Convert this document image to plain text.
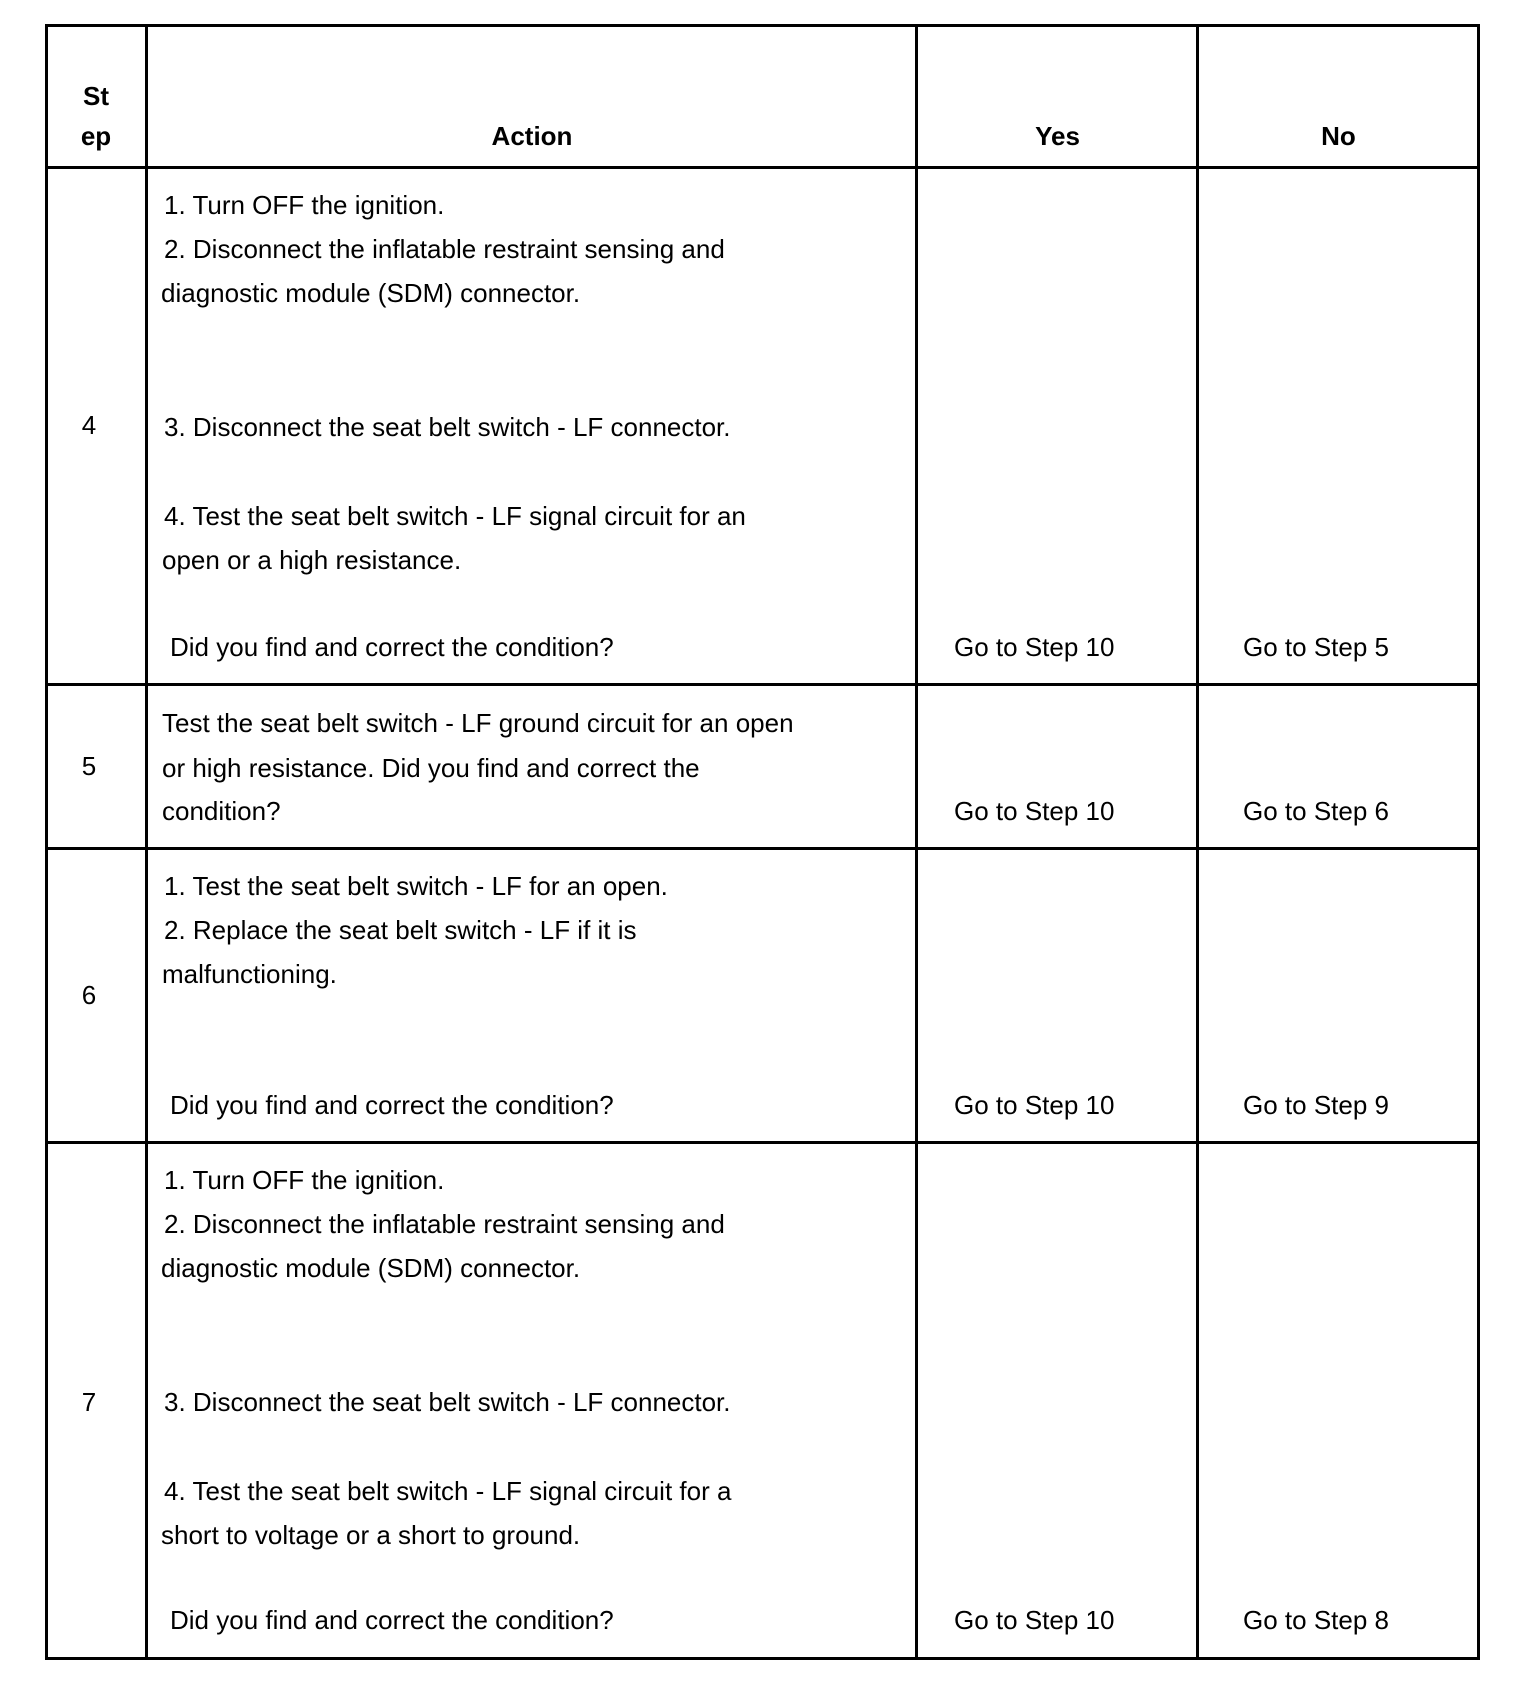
St
ep	Action	Yes	No
4
1. Turn OFF the ignition.
2. Disconnect the inflatable restraint sensing and
diagnostic module (SDM) connector.
3. Disconnect the seat belt switch - LF connector.
4. Test the seat belt switch - LF signal circuit for an
open or a high resistance.
Did you find and correct the condition?	Go to Step 10	Go to Step 5
5
Test the seat belt switch - LF ground circuit for an open
or high resistance. Did you find and correct the
condition?	Go to Step 10	Go to Step 6
6
1. Test the seat belt switch - LF for an open.
2. Replace the seat belt switch - LF if it is
malfunctioning.
Did you find and correct the condition?	Go to Step 10	Go to Step 9
7
1. Turn OFF the ignition.
2. Disconnect the inflatable restraint sensing and
diagnostic module (SDM) connector.
3. Disconnect the seat belt switch - LF connector.
4. Test the seat belt switch - LF signal circuit for a
short to voltage or a short to ground.
Did you find and correct the condition?	Go to Step 10	Go to Step 8
